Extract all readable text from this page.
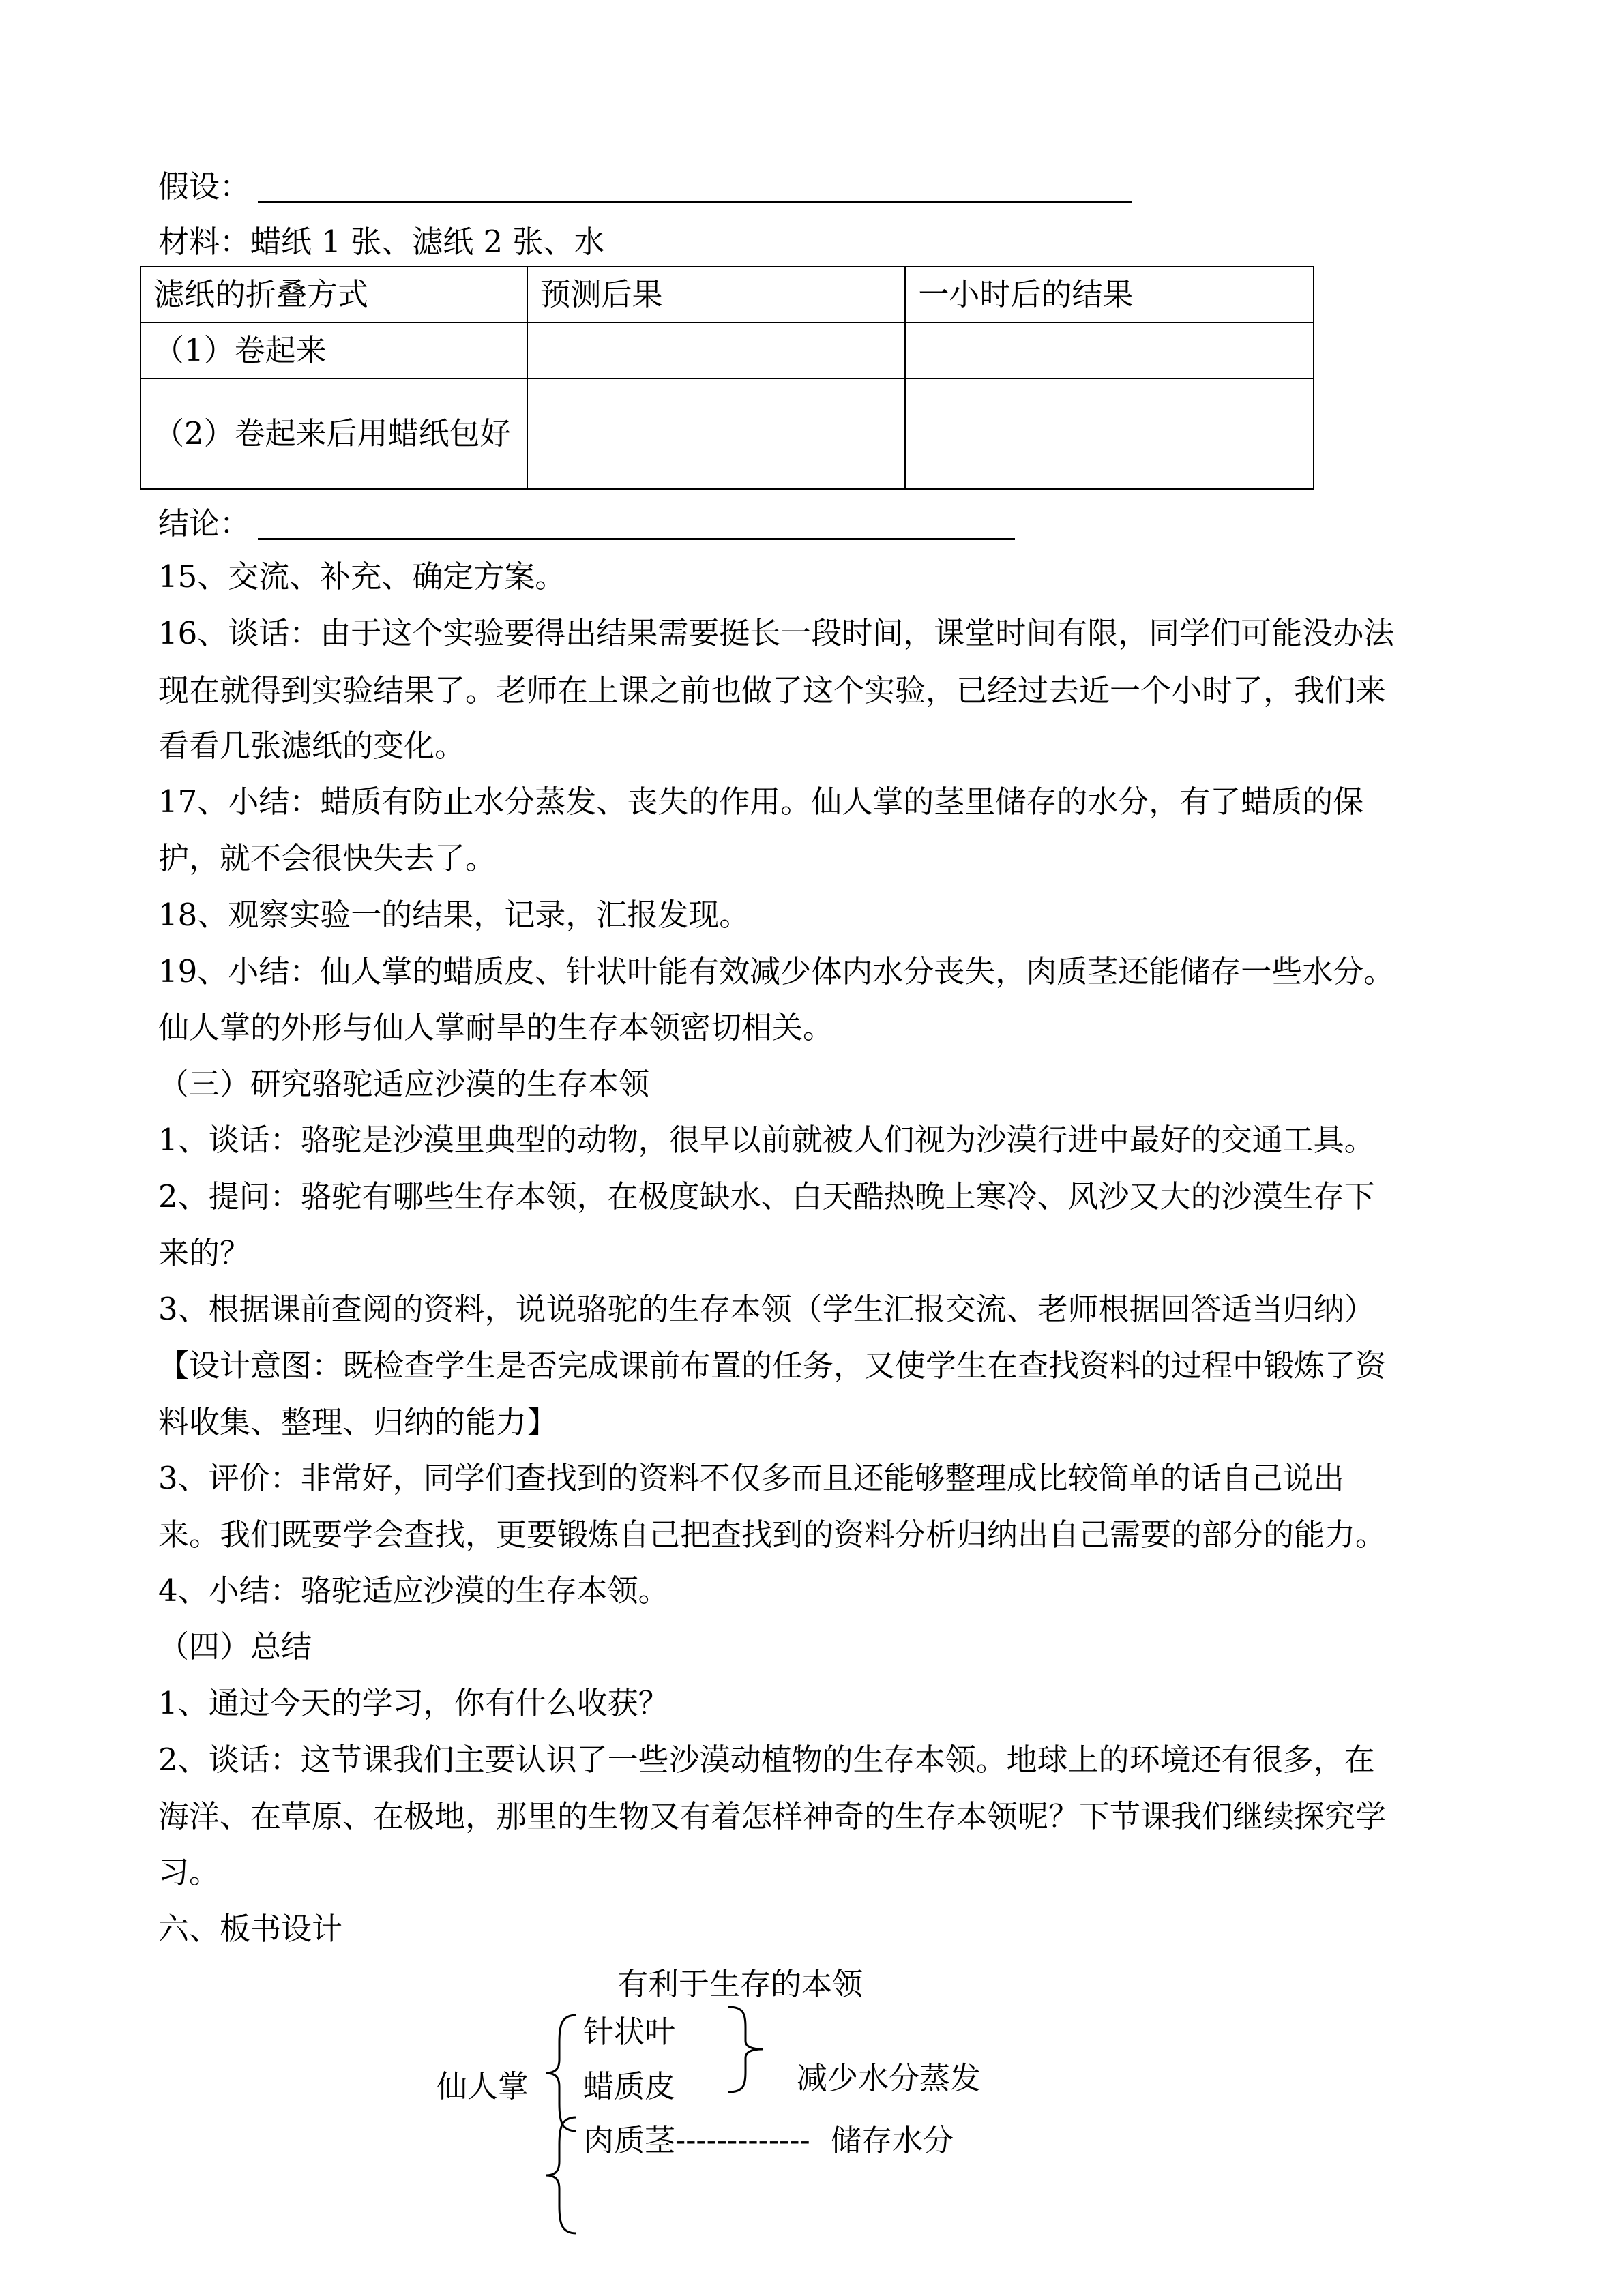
假设：
材料：蜡纸 1 张、滤纸 2 张、水
滤纸的折叠方式	预测后果	一小时后的结果
（1）卷起来		
（2）卷起来后用蜡纸包好		
结论：
15、交流、补充、确定方案。
16、谈话：由于这个实验要得出结果需要挺长一段时间，课堂时间有限，同学们可能没办法
现在就得到实验结果了。老师在上课之前也做了这个实验，已经过去近一个小时了，我们来
看看几张滤纸的变化。
17、小结：蜡质有防止水分蒸发、丧失的作用。仙人掌的茎里储存的水分，有了蜡质的保
护，就不会很快失去了。
18、观察实验一的结果，记录，汇报发现。
19、小结：仙人掌的蜡质皮、针状叶能有效减少体内水分丧失，肉质茎还能储存一些水分。
仙人掌的外形与仙人掌耐旱的生存本领密切相关。
（三）研究骆驼适应沙漠的生存本领
1、谈话：骆驼是沙漠里典型的动物，很早以前就被人们视为沙漠行进中最好的交通工具。
2、提问：骆驼有哪些生存本领，在极度缺水、白天酷热晚上寒冷、风沙又大的沙漠生存下
来的？
3、根据课前查阅的资料，说说骆驼的生存本领（学生汇报交流、老师根据回答适当归纳）
【设计意图：既检查学生是否完成课前布置的任务，又使学生在查找资料的过程中锻炼了资
料收集、整理、归纳的能力】
3、评价：非常好，同学们查找到的资料不仅多而且还能够整理成比较简单的话自己说出
来。我们既要学会查找，更要锻炼自己把查找到的资料分析归纳出自己需要的部分的能力。
4、小结：骆驼适应沙漠的生存本领。
（四）总结
1、通过今天的学习，你有什么收获？
2、谈话：这节课我们主要认识了一些沙漠动植物的生存本领。地球上的环境还有很多，在
海洋、在草原、在极地，那里的生物又有着怎样神奇的生存本领呢？下节课我们继续探究学
习。
六、板书设计
有利于生存的本领
仙人掌
针状叶
蜡质皮
肉质茎
减少水分蒸发
------------- 储存水分
